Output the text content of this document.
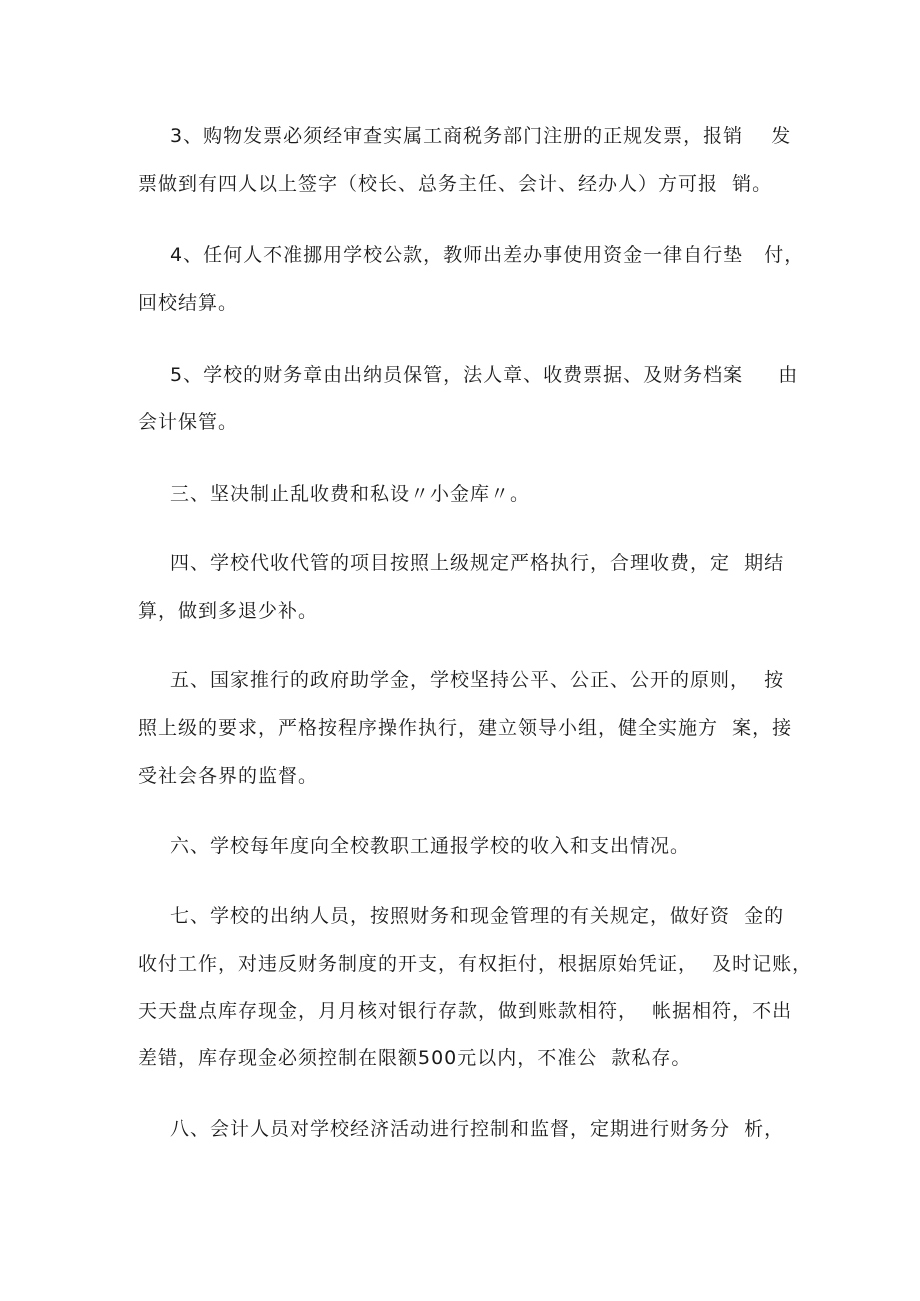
3、购物发票必须经审查实属工商税务部门注册的正规发票，报销    发
票做到有四人以上签字（校长、总务主任、会计、经办人）方可报  销。
4、任何人不准挪用学校公款，教师出差办事使用资金一律自行垫   付，
回校结算。
5、学校的财务章由出纳员保管，法人章、收费票据、及财务档案     由
会计保管。
三、坚决制止乱收费和私设〃小金库〃。
四、学校代收代管的项目按照上级规定严格执行，合理收费，定  期结
算，做到多退少补。
五、国家推行的政府助学金，学校坚持公平、公正、公开的原则，  按
照上级的要求，严格按程序操作执行，建立领导小组，健全实施方  案，接
受社会各界的监督。
六、学校每年度向全校教职工通报学校的收入和支出情况。
七、学校的出纳人员，按照财务和现金管理的有关规定，做好资  金的
收付工作，对违反财务制度的开支，有权拒付，根据原始凭证，  及时记账，
天天盘点库存现金，月月核对银行存款，做到账款相符，  帐据相符，不出
差错，库存现金必须控制在限额500元以内，不准公  款私存。
八、会计人员对学校经济活动进行控制和监督，定期进行财务分  析，
